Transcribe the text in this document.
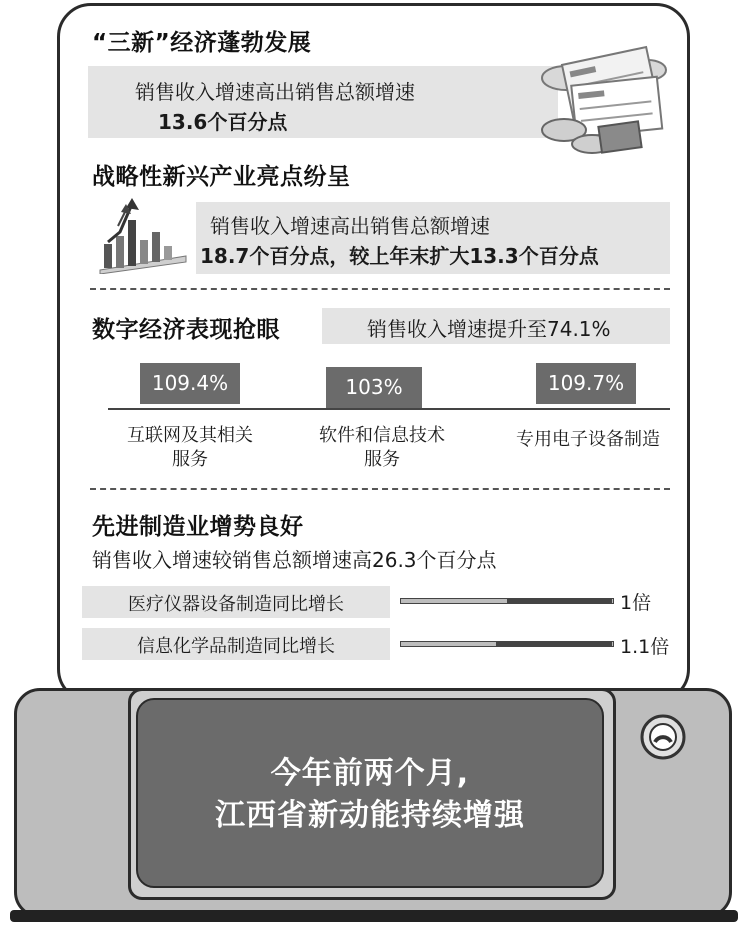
“三新”经济蓬勃发展
销售收入增速高出销售总额增速
13.6个百分点
战略性新兴产业亮点纷呈
销售收入增速高出销售总额增速
18.7个百分点，较上年末扩大13.3个百分点
数字经济表现抢眼	销售收入增速提升至74.1%
109.4%	103%	109.7%
互联网及其相关
服务
软件和信息技术
服务
专用电子设备制造
先进制造业增势良好
销售收入增速较销售总额增速高26.3个百分点
医疗仪器设备制造同比增长	1倍
信息化学品制造同比增长	1.1倍
今年前两个月,
江西省新动能持续增强
